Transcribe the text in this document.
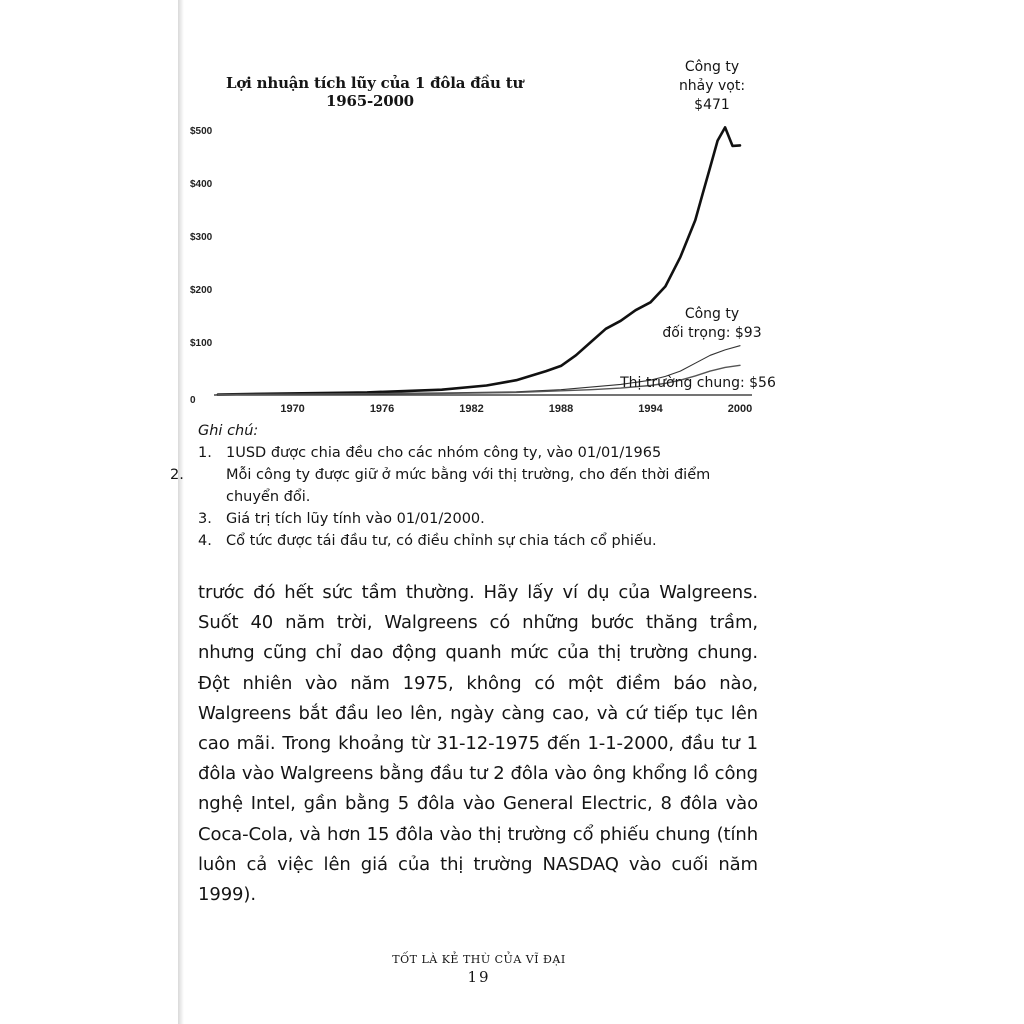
Lợi nhuận tích lũy của 1 đôla đầu tư
1965-2000
0
$100
$200
$300
$400
$500
1970	1976	1982	1988	1994	2000
Công ty
nhảy vọt:
$471
Công ty
đối trọng: $93
Thị trường chung: $56
Ghi chú:
1. 1USD được chia đều cho các nhóm công ty, vào 01/01/1965
2.	Mỗi công ty được giữ ở mức bằng với thị trường, cho đến thời điểm chuyển đổi.
3. Giá trị tích lũy tính vào 01/01/2000.
4. Cổ tức được tái đầu tư, có điều chỉnh sự chia tách cổ phiếu.
trước đó hết sức tầm thường. Hãy lấy ví dụ của Walgreens. Suốt 40 năm trời, Walgreens có những bước thăng trầm, nhưng cũng chỉ dao động quanh mức của thị trường chung. Đột nhiên vào năm 1975, không có một điềm báo nào, Walgreens bắt đầu leo lên, ngày càng cao, và cứ tiếp tục lên cao mãi. Trong khoảng từ 31-12-1975 đến 1-1-2000, đầu tư 1 đôla vào Walgreens bằng đầu tư 2 đôla vào ông khổng lồ công nghệ Intel, gần bằng 5 đôla vào General Electric, 8 đôla vào Coca-Cola, và hơn 15 đôla vào thị trường cổ phiếu chung (tính luôn cả việc lên giá của thị trường NASDAQ vào cuối năm 1999).
TỐT LÀ KẺ THÙ CỦA VĨ ĐẠI
19
